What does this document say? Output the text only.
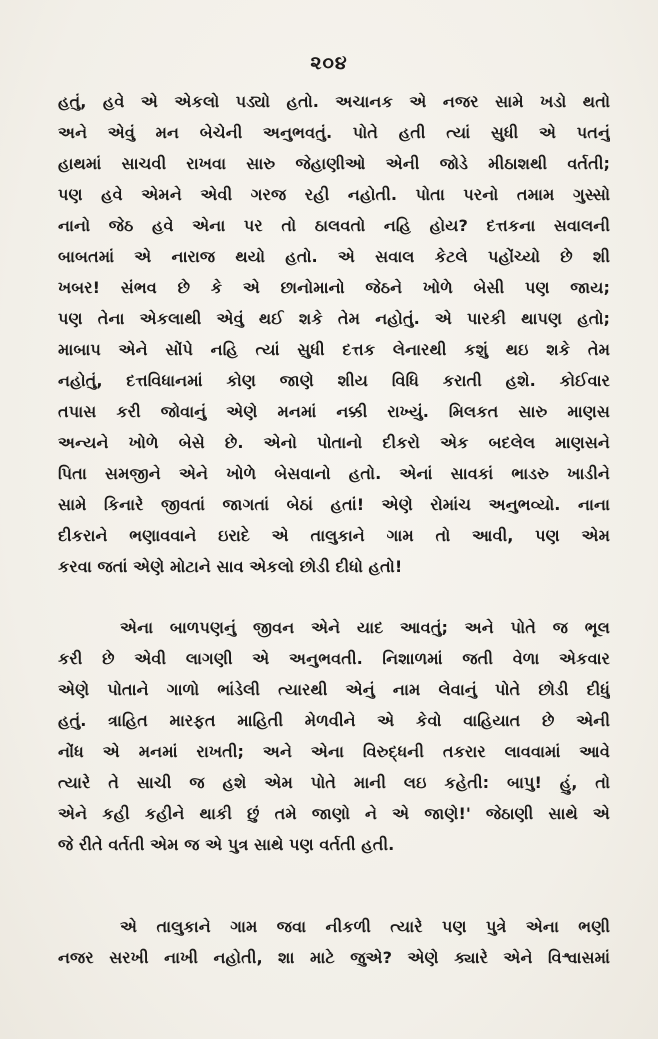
૨૦૪
હતું, હવે એ એકલો પડ્યો હતો. અચાનક એ નજર સામે ખડો થતો
અને એવું મન બેચેની અનુભવતું. પોતે હતી ત્યાં સુધી એ પતનું
હાથમાં સાચવી રાખવા સારુ જેહાણીઓ એની જોડે મીઠાશથી વર્તતી;
પણ હવે એમને એવી ગરજ રહી નહોતી. પોતા પરનો તમામ ગુસ્સો
નાનો જેઠ હવે એના પર તો ઠાલવતો નહિ હોય? દત્તકના સવાલની
બાબતમાં એ નારાજ થયો હતો. એ સવાલ કેટલે પહોંચ્યો છે શી
ખબર! સંભવ છે કે એ છાનોમાનો જેઠને ખોળે બેસી પણ જાય;
પણ તેના એકલાથી એવું થઈ શકે તેમ નહોતું. એ પારકી થાપણ હતો;
માબાપ એને સોંપે નહિ ત્યાં સુધી દત્તક લેનારથી કશું થઇ શકે તેમ
નહોતું, દત્તવિધાનમાં કોણ જાણે શીય વિધિ કરાતી હશે. કોઈવાર
તપાસ કરી જોવાનું એણે મનમાં નક્કી રાખ્યું. મિલકત સારુ માણસ
અન્યને ખોળે બેસે છે. એનો પોતાનો દીકરો એક બદલેલ માણસને
પિતા સમજીને એને ખોળે બેસવાનો હતો. એનાં સાવકાં ભાડરુ ખાડીને
સામે કિનારે જીવતાં જાગતાં બેઠાં હતાં! એણે રોમાંચ અનુભવ્યો. નાના
દીકરાને ભણાવવાને ઇરાદે એ તાલુકાને ગામ તો આવી, પણ એમ
કરવા જતાં એણે મોટાને સાવ એકલો છોડી દીધો હતો!
એના બાળપણનું જીવન એને યાદ આવતું; અને પોતે જ ભૂલ
કરી છે એવી લાગણી એ અનુભવતી. નિશાળમાં જતી વેળા એકવાર
એણે પોતાને ગાળો ભાંડેલી ત્યારથી એનું નામ લેવાનું પોતે છોડી દીધું
હતું. ત્રાહિત મારફત માહિતી મેળવીને એ કેવો વાહિયાત છે એની
નોંધ એ મનમાં રાખતી; અને એના વિરુદ્ધની તકરાર લાવવામાં આવે
ત્યારે તે સાચી જ હશે એમ પોતે માની લઇ કહેતી: બાપુ! હું, તો
એને કહી કહીને થાકી છું તમે જાણો ને એ જાણે!' જેઠાણી સાથે એ
જે રીતે વર્તતી એમ જ એ પુત્ર સાથે પણ વર્તતી હતી.
એ તાલુકાને ગામ જવા નીકળી ત્યારે પણ પુત્રે એના ભણી
નજર સરખી નાખી નહોતી, શા માટે જુએ? એણે ક્યારે એને વિશ્વાસમાં
